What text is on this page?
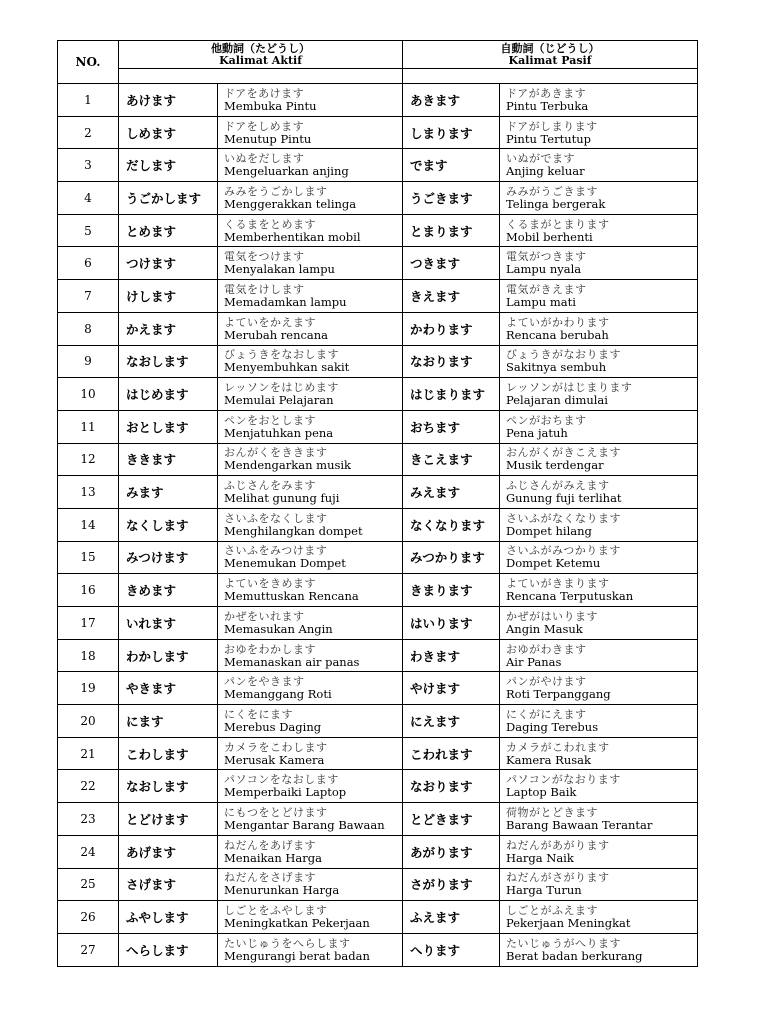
NO.	他動詞（たどうし）
Kalimat Aktif		自動詞（じどうし）
Kalimat Pasif	

1	あけます	ドアをあけます
Membuka Pintu	あきます	ドアがあきます
Pintu Terbuka

2	しめます	ドアをしめます
Menutup Pintu	しまります	ドアがしまります
Pintu Tertutup

3	だします	いぬをだします
Mengeluarkan anjing	でます	いぬがでます
Anjing keluar

4	うごかします	みみをうごかします
Menggerakkan telinga	うごきます	みみがうごきます
Telinga bergerak

5	とめます	くるまをとめます
Memberhentikan mobil	とまります	くるまがとまります
Mobil berhenti

6	つけます	電気をつけます
Menyalakan lampu	つきます	電気がつきます
Lampu nyala

7	けします	電気をけします
Memadamkan lampu	きえます	電気がきえます
Lampu mati

8	かえます	よていをかえます
Merubah rencana	かわります	よていがかわります
Rencana berubah

9	なおします	びょうきをなおします
Menyembuhkan sakit	なおります	びょうきがなおります
Sakitnya sembuh

10	はじめます	レッソンをはじめます
Memulai Pelajaran	はじまります	レッソンがはじまります
Pelajaran dimulai

11	おとします	ペンをおとします
Menjatuhkan pena	おちます	ペンがおちます
Pena jatuh

12	ききます	おんがくをききます
Mendengarkan musik	きこえます	おんがくがきこえます
Musik terdengar

13	みます	ふじさんをみます
Melihat gunung fuji	みえます	ふじさんがみえます
Gunung fuji terlihat

14	なくします	さいふをなくします
Menghilangkan dompet	なくなります	さいふがなくなります
Dompet hilang

15	みつけます	さいふをみつけます
Menemukan Dompet	みつかります	さいふがみつかります
Dompet Ketemu

16	きめます	よていをきめます
Memuttuskan Rencana	きまります	よていがきまります
Rencana Terputuskan

17	いれます	かぜをいれます
Memasukan Angin	はいります	かぜがはいります
Angin Masuk

18	わかします	おゆをわかします
Memanaskan air panas	わきます	おゆがわきます
Air Panas

19	やきます	パンをやきます
Memanggang Roti	やけます	パンがやけます
Roti Terpanggang

20	にます	にくをにます
Merebus Daging	にえます	にくがにえます
Daging Terebus

21	こわします	カメラをこわします
Merusak Kamera	こわれます	カメラがこわれます
Kamera Rusak

22	なおします	パソコンをなおします
Memperbaiki Laptop	なおります	パソコンがなおります
Laptop Baik

23	とどけます	にもつをとどけます
Mengantar Barang Bawaan	とどきます	荷物がとどきます
Barang Bawaan Terantar

24	あげます	ねだんをあげます
Menaikan Harga	あがります	ねだんがあがります
Harga Naik

25	さげます	ねだんをさげます
Menurunkan Harga	さがります	ねだんがさがります
Harga Turun

26	ふやします	しごとをふやします
Meningkatkan Pekerjaan	ふえます	しごとがふえます
Pekerjaan Meningkat

27	へらします	たいじゅうをへらします
Mengurangi berat badan	へります	たいじゅうがへります
Berat badan berkurang
